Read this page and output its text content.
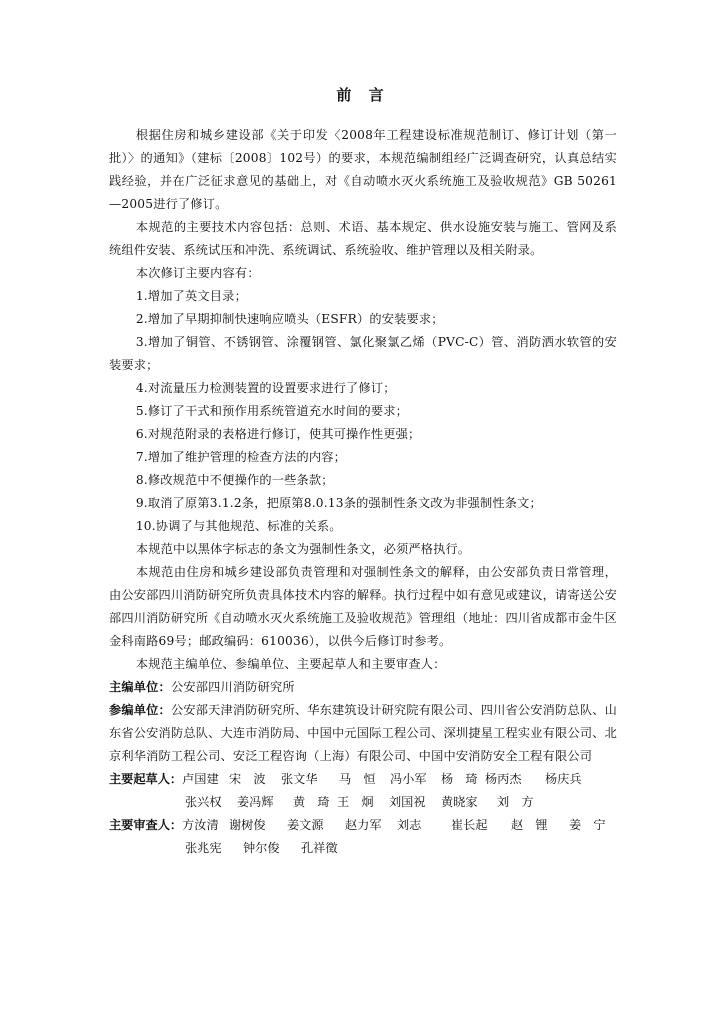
前 言

根据住房和城乡建设部《关于印发〈2008年工程建设标准规范制订、修订计划（第一批）〉的通知》（建标〔2008〕102号）的要求，本规范编制组经广泛调查研究，认真总结实践经验，并在广泛征求意见的基础上，对《自动喷水灭火系统施工及验收规范》GB 50261—2005进行了修订。

本规范的主要技术内容包括：总则、术语、基本规定、供水设施安装与施工、管网及系统组件安装、系统试压和冲洗、系统调试、系统验收、维护管理以及相关附录。

本次修订主要内容有：

1.增加了英文目录；

2.增加了早期抑制快速响应喷头（ESFR）的安装要求；

3.增加了铜管、不锈钢管、涂覆钢管、氯化聚氯乙烯（PVC-C）管、消防洒水软管的安装要求；

4.对流量压力检测装置的设置要求进行了修订；

5.修订了干式和预作用系统管道充水时间的要求；

6.对规范附录的表格进行修订，使其可操作性更强；

7.增加了维护管理的检查方法的内容；

8.修改规范中不便操作的一些条款；

9.取消了原第3.1.2条，把原第8.0.13条的强制性条文改为非强制性条文；

10.协调了与其他规范、标准的关系。

本规范中以黑体字标志的条文为强制性条文，必须严格执行。

本规范由住房和城乡建设部负责管理和对强制性条文的解释，由公安部负责日常管理，由公安部四川消防研究所负责具体技术内容的解释。执行过程中如有意见或建议，请寄送公安部四川消防研究所《自动喷水灭火系统施工及验收规范》管理组（地址：四川省成都市金牛区金科南路69号；邮政编码：610036），以供今后修订时参考。

本规范主编单位、参编单位、主要起草人和主要审查人：

主编单位：公安部四川消防研究所

参编单位：公安部天津消防研究所、华东建筑设计研究院有限公司、四川省公安消防总队、山东省公安消防总队、大连市消防局、中国中元国际工程公司、深圳捷星工程实业有限公司、北京利华消防工程公司、安泛工程咨询（上海）有限公司、中国中安消防安全工程有限公司

主要起草人：卢国建 宋　波	张文华	马　恒	冯小军	杨　琦 杨丙杰	杨庆兵
张兴权	姜冯辉	黄　琦 王　炯	刘国祝	黄晓家	刘　方
主要审查人：方汝清 谢树俊	姜文源	赵力军	刘志	崔长起	赵　锂	姜　宁
张兆宪	钟尔俊	孔祥徵
